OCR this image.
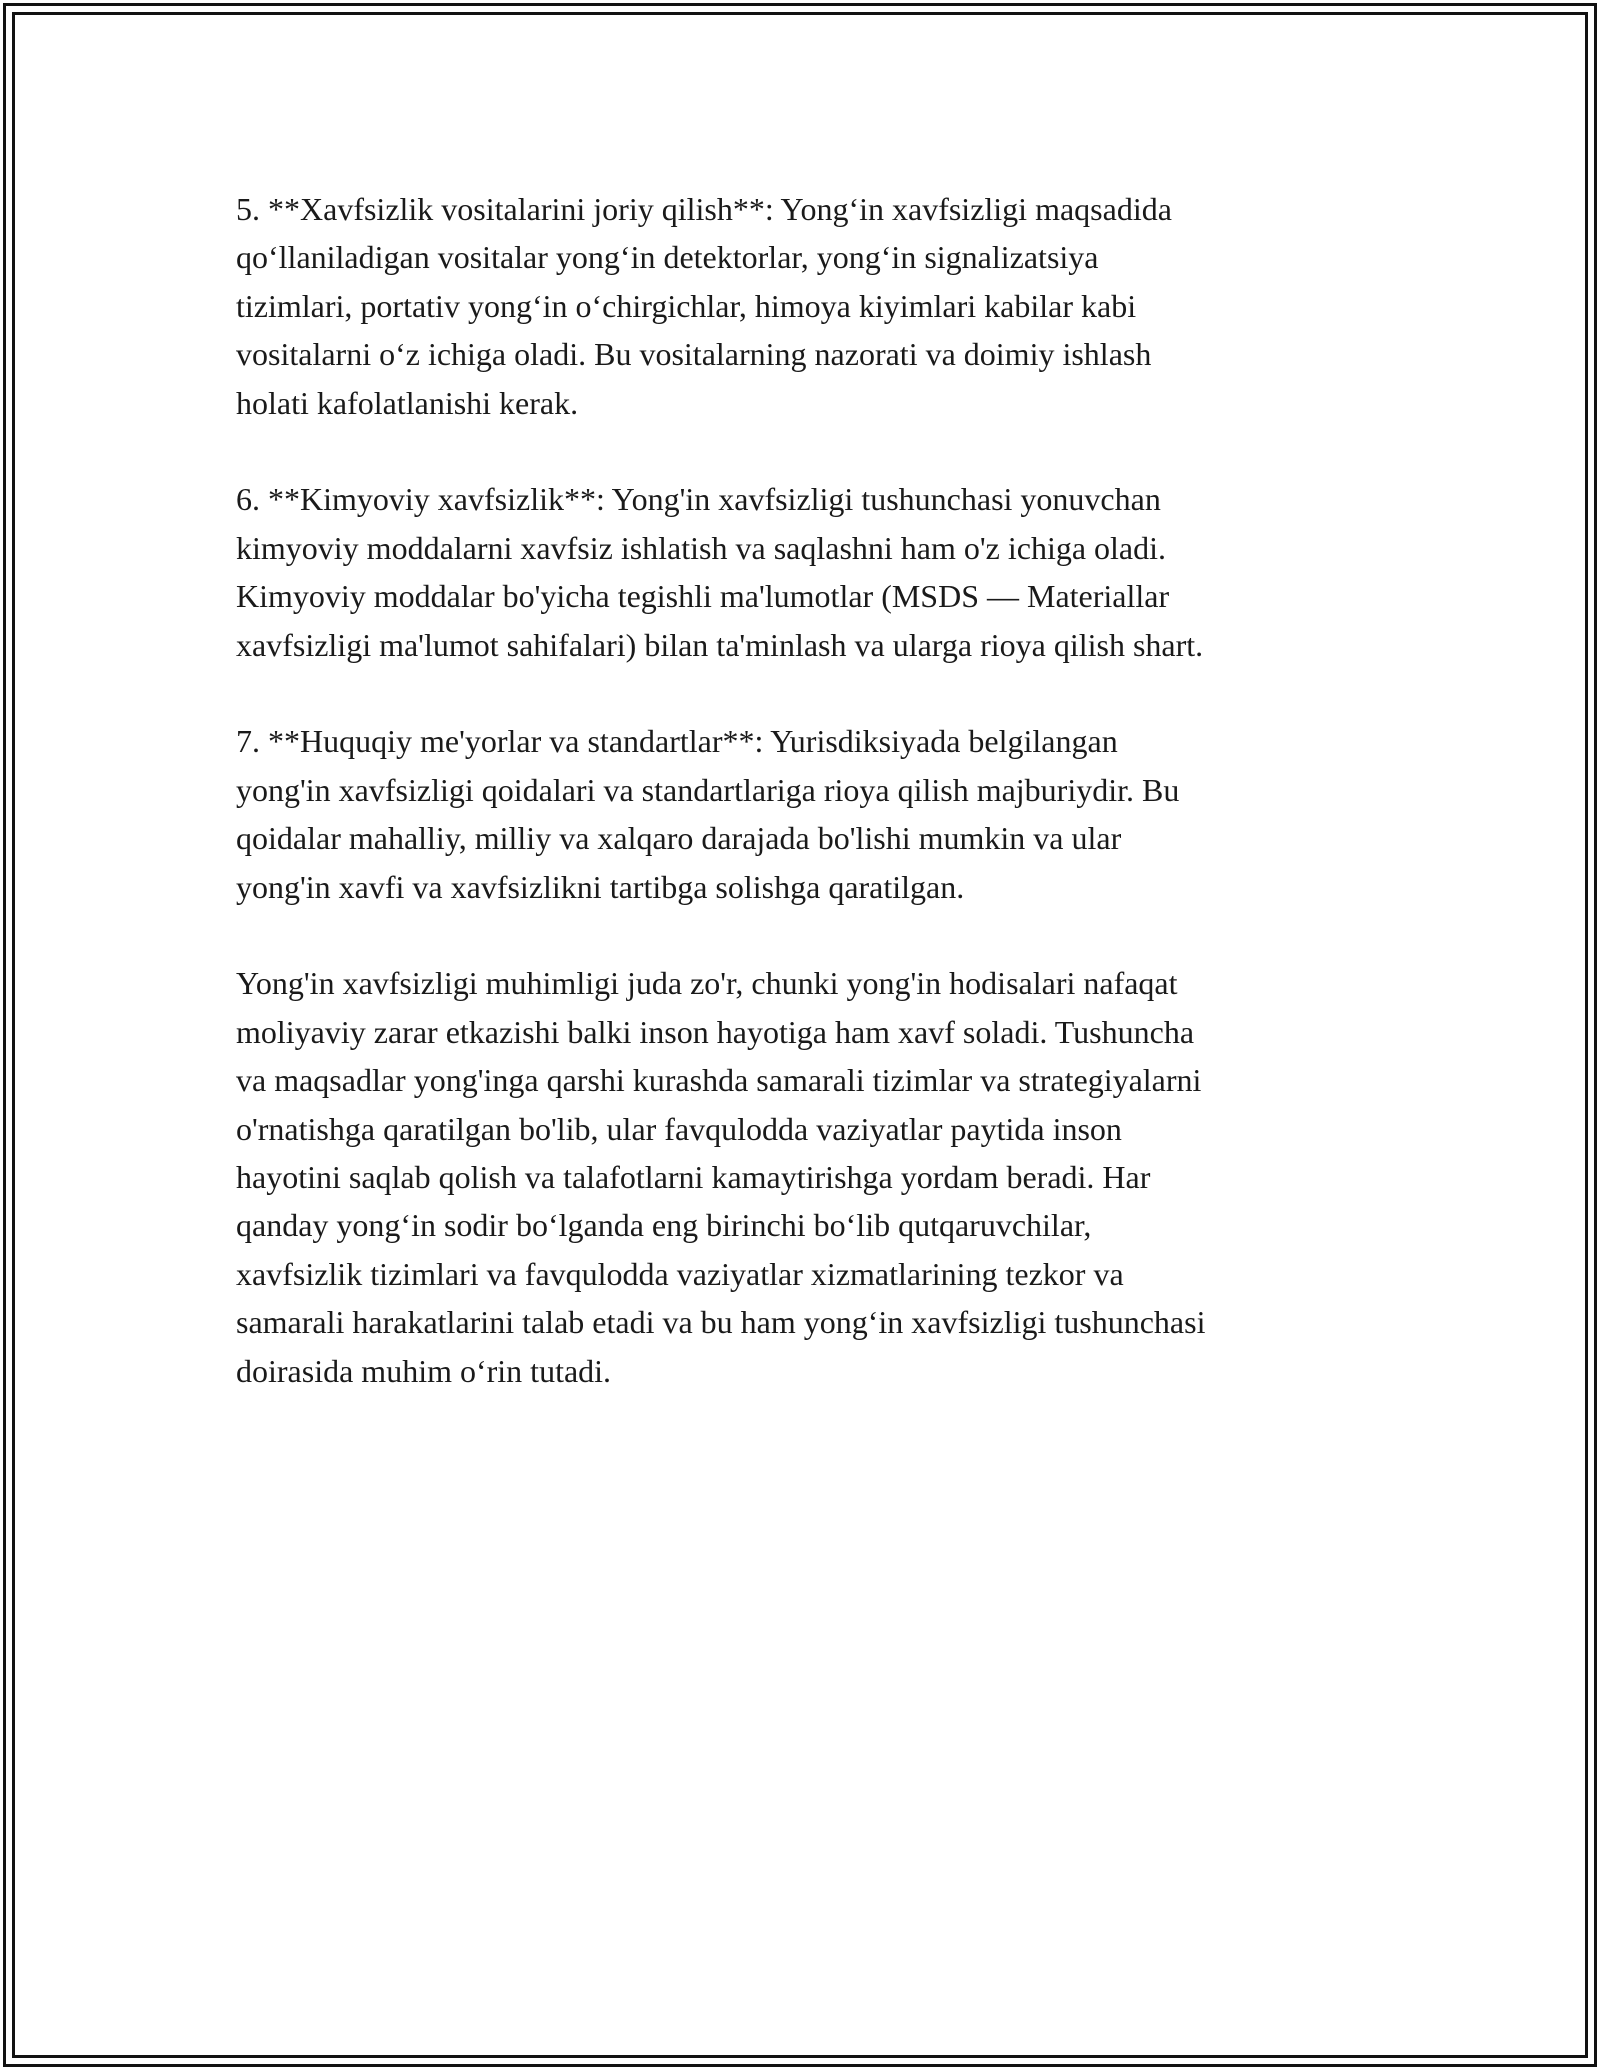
5. **Xavfsizlik vositalarini joriy qilish**: Yong‘in xavfsizligi maqsadida
qo‘llaniladigan vositalar yong‘in detektorlar, yong‘in signalizatsiya
tizimlari, portativ yong‘in o‘chirgichlar, himoya kiyimlari kabilar kabi
vositalarni o‘z ichiga oladi. Bu vositalarning nazorati va doimiy ishlash
holati kafolatlanishi kerak.

6. **Kimyoviy xavfsizlik**: Yong'in xavfsizligi tushunchasi yonuvchan
kimyoviy moddalarni xavfsiz ishlatish va saqlashni ham o'z ichiga oladi.
Kimyoviy moddalar bo'yicha tegishli ma'lumotlar (MSDS — Materiallar
xavfsizligi ma'lumot sahifalari) bilan ta'minlash va ularga rioya qilish shart.

7. **Huquqiy me'yorlar va standartlar**: Yurisdiksiyada belgilangan
yong'in xavfsizligi qoidalari va standartlariga rioya qilish majburiydir. Bu
qoidalar mahalliy, milliy va xalqaro darajada bo'lishi mumkin va ular
yong'in xavfi va xavfsizlikni tartibga solishga qaratilgan.

Yong'in xavfsizligi muhimligi juda zo'r, chunki yong'in hodisalari nafaqat
moliyaviy zarar etkazishi balki inson hayotiga ham xavf soladi. Tushuncha
va maqsadlar yong'inga qarshi kurashda samarali tizimlar va strategiyalarni
o'rnatishga qaratilgan bo'lib, ular favqulodda vaziyatlar paytida inson
hayotini saqlab qolish va talafotlarni kamaytirishga yordam beradi. Har
qanday yong‘in sodir bo‘lganda eng birinchi bo‘lib qutqaruvchilar,
xavfsizlik tizimlari va favqulodda vaziyatlar xizmatlarining tezkor va
samarali harakatlarini talab etadi va bu ham yong‘in xavfsizligi tushunchasi
doirasida muhim o‘rin tutadi.
